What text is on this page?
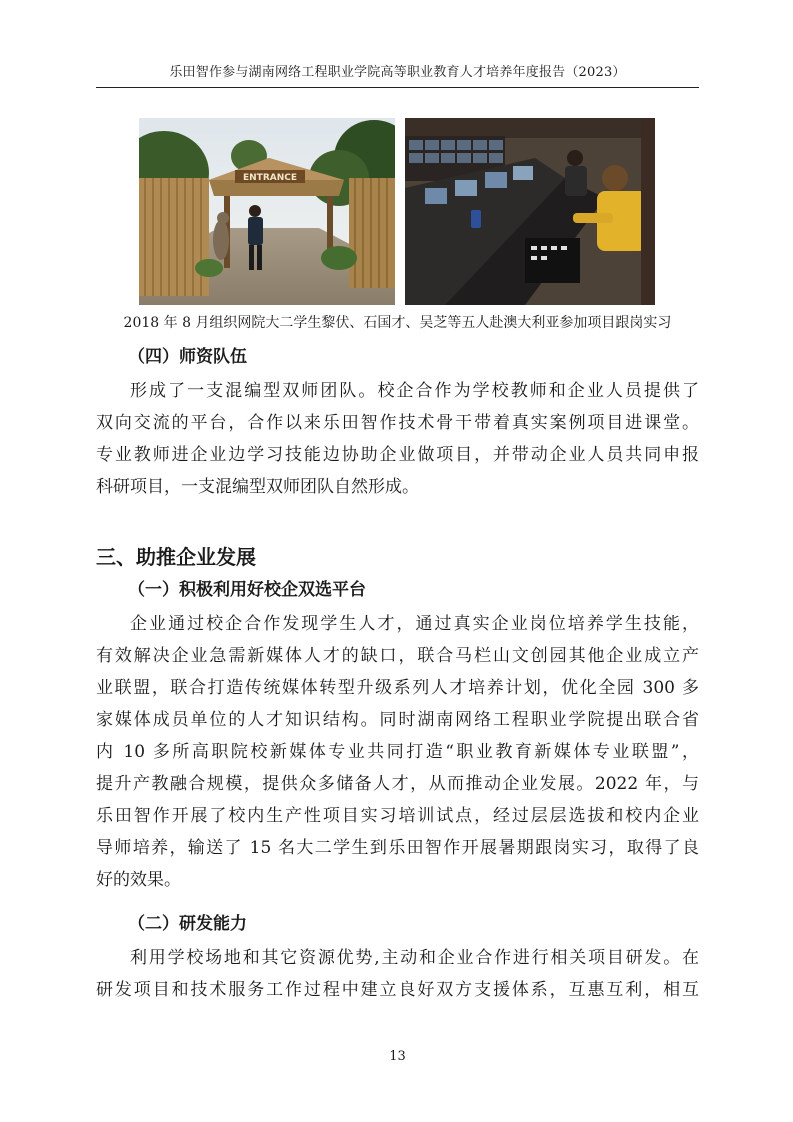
乐田智作参与湖南网络工程职业学院高等职业教育人才培养年度报告（2023）
ENTRANCE
2018 年 8 月组织网院大二学生黎伏、石国才、吴芝等五人赴澳大利亚参加项目跟岗实习
（四）师资队伍
形成了一支混编型双师团队。校企合作为学校教师和企业人员提供了
双向交流的平台，合作以来乐田智作技术骨干带着真实案例项目进课堂。
专业教师进企业边学习技能边协助企业做项目，并带动企业人员共同申报
科研项目，一支混编型双师团队自然形成。
三、助推企业发展
（一）积极利用好校企双选平台
企业通过校企合作发现学生人才，通过真实企业岗位培养学生技能，
有效解决企业急需新媒体人才的缺口，联合马栏山文创园其他企业成立产
业联盟，联合打造传统媒体转型升级系列人才培养计划，优化全园 300 多
家媒体成员单位的人才知识结构。同时湖南网络工程职业学院提出联合省
内 10 多所高职院校新媒体专业共同打造“职业教育新媒体专业联盟”，
提升产教融合规模，提供众多储备人才，从而推动企业发展。2022 年，与
乐田智作开展了校内生产性项目实习培训试点，经过层层选拔和校内企业
导师培养，输送了 15 名大二学生到乐田智作开展暑期跟岗实习，取得了良
好的效果。
（二）研发能力
利用学校场地和其它资源优势,主动和企业合作进行相关项目研发。在
研发项目和技术服务工作过程中建立良好双方支援体系，互惠互利，相互
13
